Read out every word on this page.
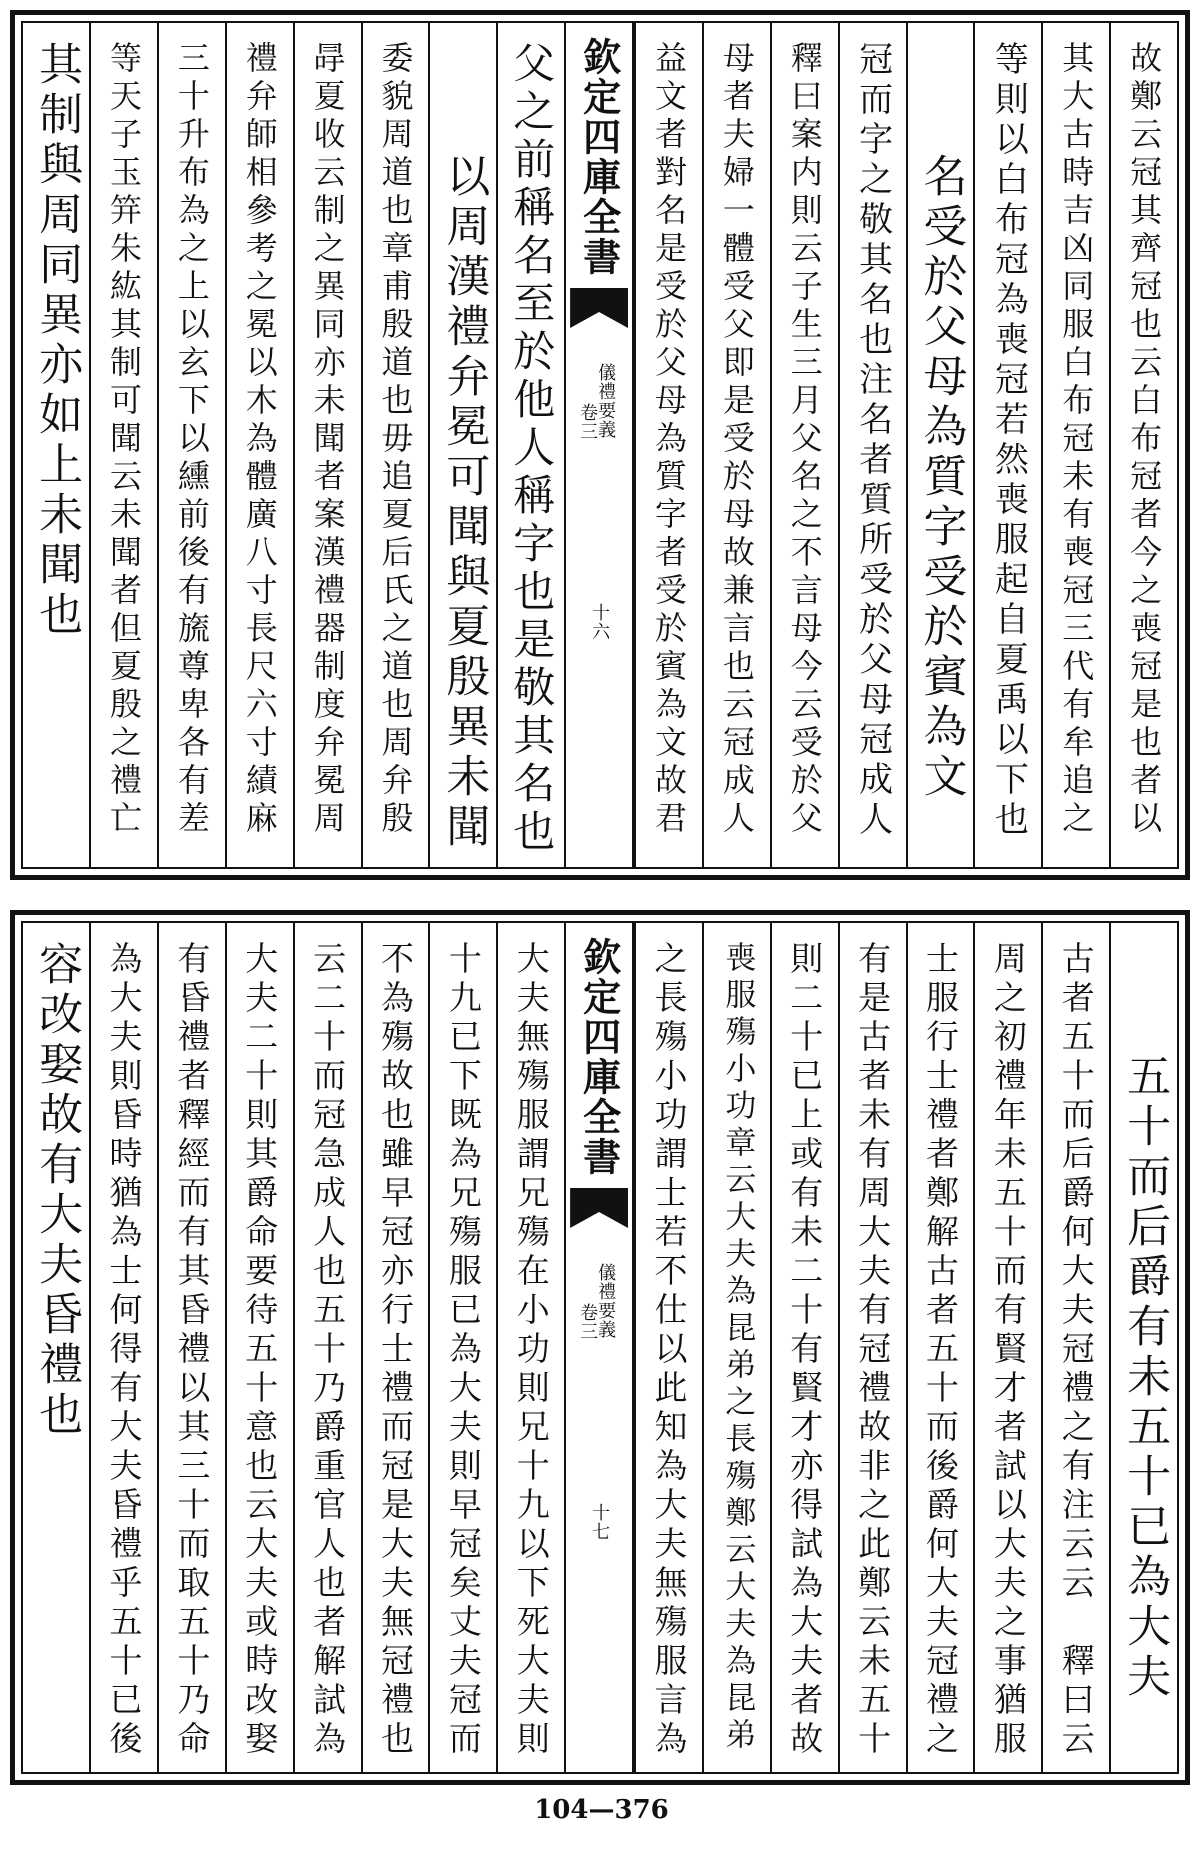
故鄭云冠其齊冠也云白布冠者今之喪冠是也者以
其大古時吉凶同服白布冠未有喪冠三代有牟追之
等則以白布冠為喪冠若然喪服起自夏禹以下也
名受於父母為質字受於賓為文
冠而字之敬其名也注名者質所受於父母冠成人
釋曰案内則云子生三月父名之不言母今云受於父
母者夫婦一體受父即是受於母故兼言也云冠成人
益文者對名是受於父母為質字者受於賓為文故君
欽定四庫全書
儀禮要義
卷三
十六
父之前稱名至於他人稱字也是敬其名也
以周漢禮弁冕可聞與夏殷異未聞
委貌周道也章甫殷道也毋追夏后氏之道也周弁殷
冔夏收云制之異同亦未聞者案漢禮器制度弁冕周
禮弁師相參考之冕以木為體廣八寸長尺六寸績麻
三十升布為之上以玄下以纁前後有旒尊卑各有差
等天子玉笄朱紘其制可聞云未聞者但夏殷之禮亡
其制與周同異亦如上未聞也
五十而后爵有未五十已為大夫
古者五十而后爵何大夫冠禮之有注云云　釋曰云
周之初禮年未五十而有賢才者試以大夫之事猶服
士服行士禮者鄭解古者五十而後爵何大夫冠禮之
有是古者未有周大夫有冠禮故非之此鄭云未五十
則二十已上或有未二十有賢才亦得試為大夫者故
喪服殤小功章云大夫為昆弟之長殤鄭云大夫為昆弟
之長殤小功謂士若不仕以此知為大夫無殤服言為
欽定四庫全書
儀禮要義
卷三
十七
大夫無殤服謂兄殤在小功則兄十九以下死大夫則
十九已下既為兄殤服已為大夫則早冠矣丈夫冠而
不為殤故也雖早冠亦行士禮而冠是大夫無冠禮也
云二十而冠急成人也五十乃爵重官人也者解試為
大夫二十則其爵命要待五十意也云大夫或時改娶
有昏禮者釋經而有其昏禮以其三十而取五十乃命
為大夫則昏時猶為士何得有大夫昏禮乎五十已後
容改娶故有大夫昏禮也
104—376
